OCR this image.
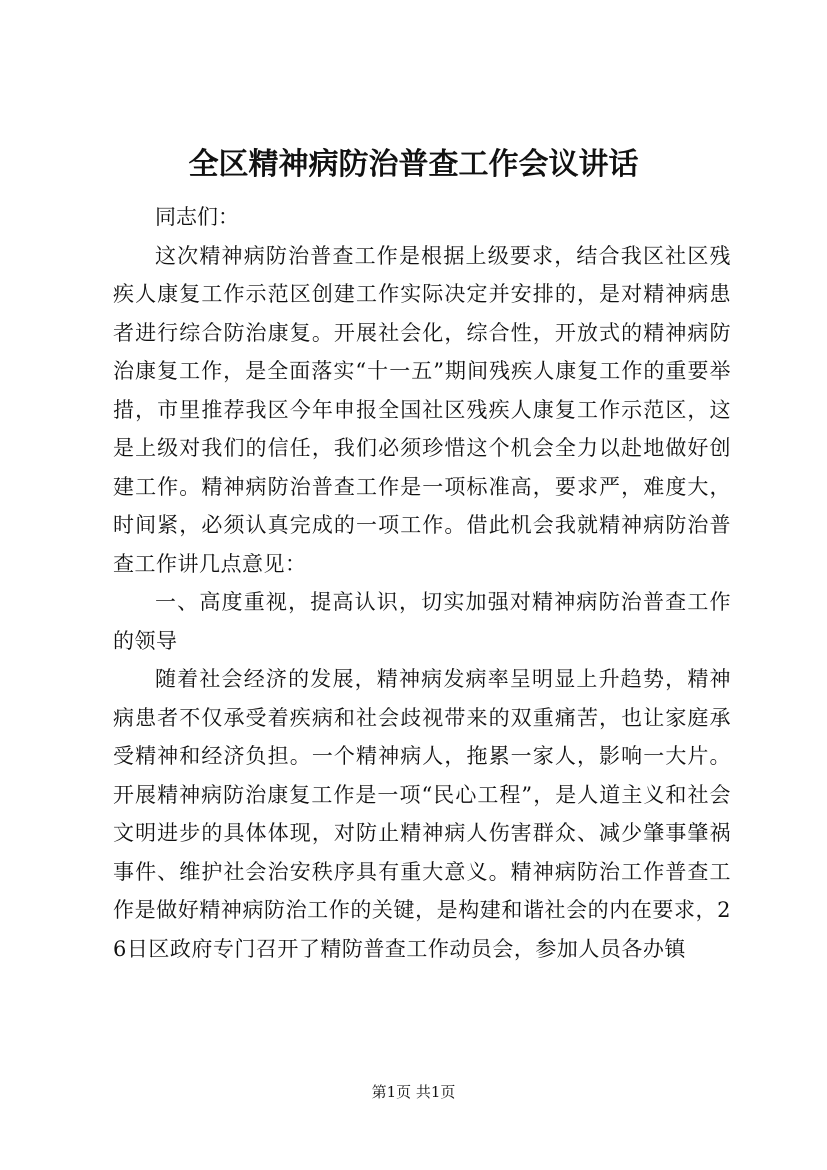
全区精神病防治普查工作会议讲话

同志们：

这次精神病防治普查工作是根据上级要求，结合我区社区残疾人康复工作示范区创建工作实际决定并安排的，是对精神病患者进行综合防治康复。开展社会化，综合性，开放式的精神病防治康复工作，是全面落实“十一五”期间残疾人康复工作的重要举措，市里推荐我区今年申报全国社区残疾人康复工作示范区，这是上级对我们的信任，我们必须珍惜这个机会全力以赴地做好创建工作。精神病防治普查工作是一项标准高，要求严，难度大，时间紧，必须认真完成的一项工作。借此机会我就精神病防治普查工作讲几点意见：

一、高度重视，提高认识，切实加强对精神病防治普查工作的领导

随着社会经济的发展，精神病发病率呈明显上升趋势，精神病患者不仅承受着疾病和社会歧视带来的双重痛苦，也让家庭承受精神和经济负担。一个精神病人，拖累一家人，影响一大片。开展精神病防治康复工作是一项“民心工程”，是人道主义和社会文明进步的具体体现，对防止精神病人伤害群众、减少肇事肇祸事件、维护社会治安秩序具有重大意义。精神病防治工作普查工作是做好精神病防治工作的关键，是构建和谐社会的内在要求，26日区政府专门召开了精防普查工作动员会，参加人员各办镇

第1页 共1页
